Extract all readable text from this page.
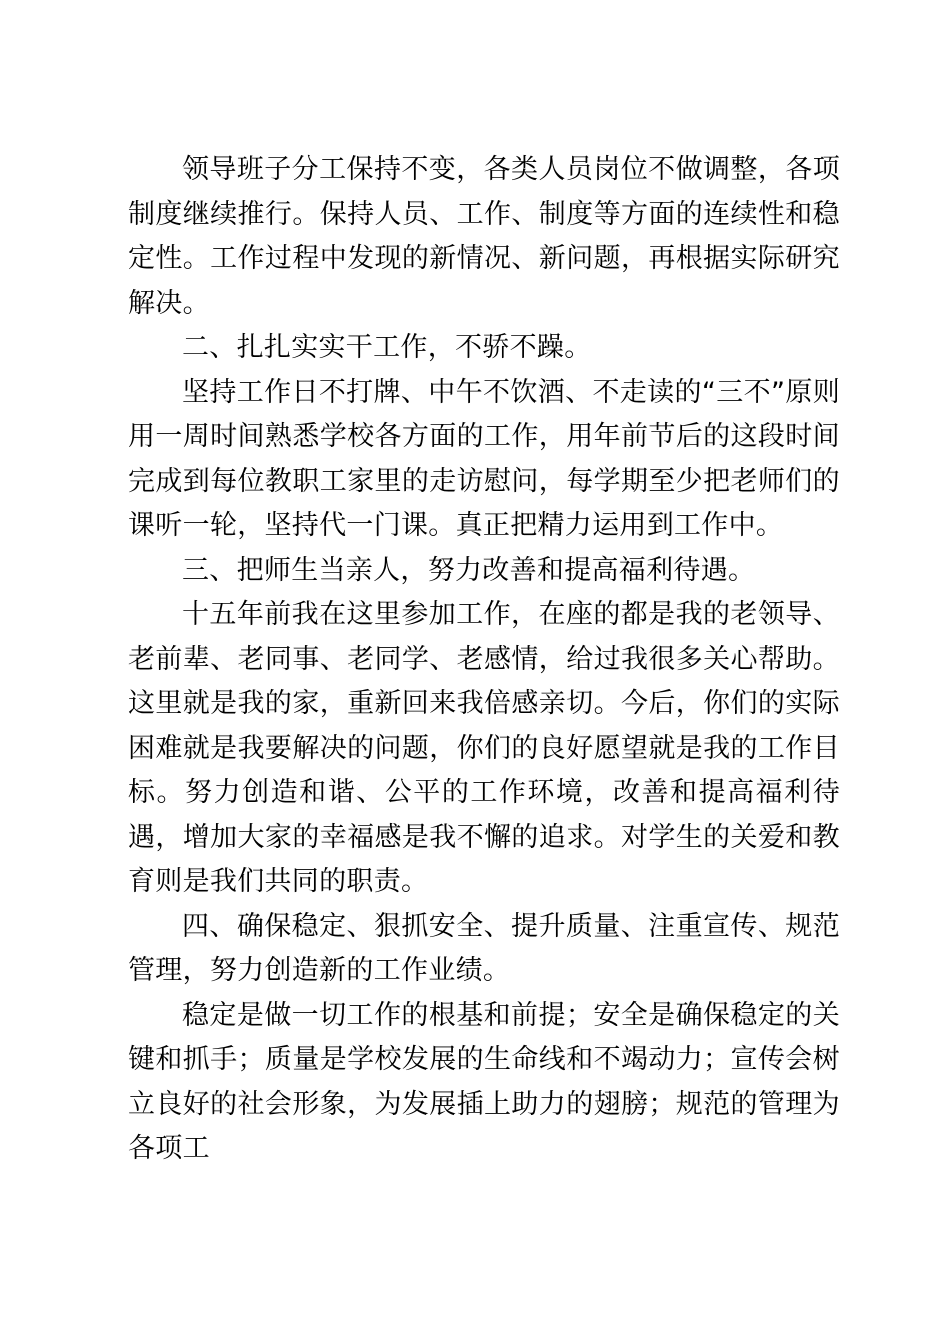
领导班子分工保持不变，各类人员岗位不做调整，各项制度继续推行。保持人员、工作、制度等方面的连续性和稳定性。工作过程中发现的新情况、新问题，再根据实际研究解决。

二、扎扎实实干工作，不骄不躁。

坚持工作日不打牌、中午不饮酒、不走读的“三不”原则用一周时间熟悉学校各方面的工作，用年前节后的这段时间完成到每位教职工家里的走访慰问，每学期至少把老师们的课听一轮，坚持代一门课。真正把精力运用到工作中。

三、把师生当亲人，努力改善和提高福利待遇。

十五年前我在这里参加工作，在座的都是我的老领导、老前辈、老同事、老同学、老感情，给过我很多关心帮助。这里就是我的家，重新回来我倍感亲切。今后，你们的实际困难就是我要解决的问题，你们的良好愿望就是我的工作目标。努力创造和谐、公平的工作环境，改善和提高福利待遇，增加大家的幸福感是我不懈的追求。对学生的关爱和教育则是我们共同的职责。

四、确保稳定、狠抓安全、提升质量、注重宣传、规范管理，努力创造新的工作业绩。

稳定是做一切工作的根基和前提；安全是确保稳定的关键和抓手；质量是学校发展的生命线和不竭动力；宣传会树立良好的社会形象，为发展插上助力的翅膀；规范的管理为各项工
